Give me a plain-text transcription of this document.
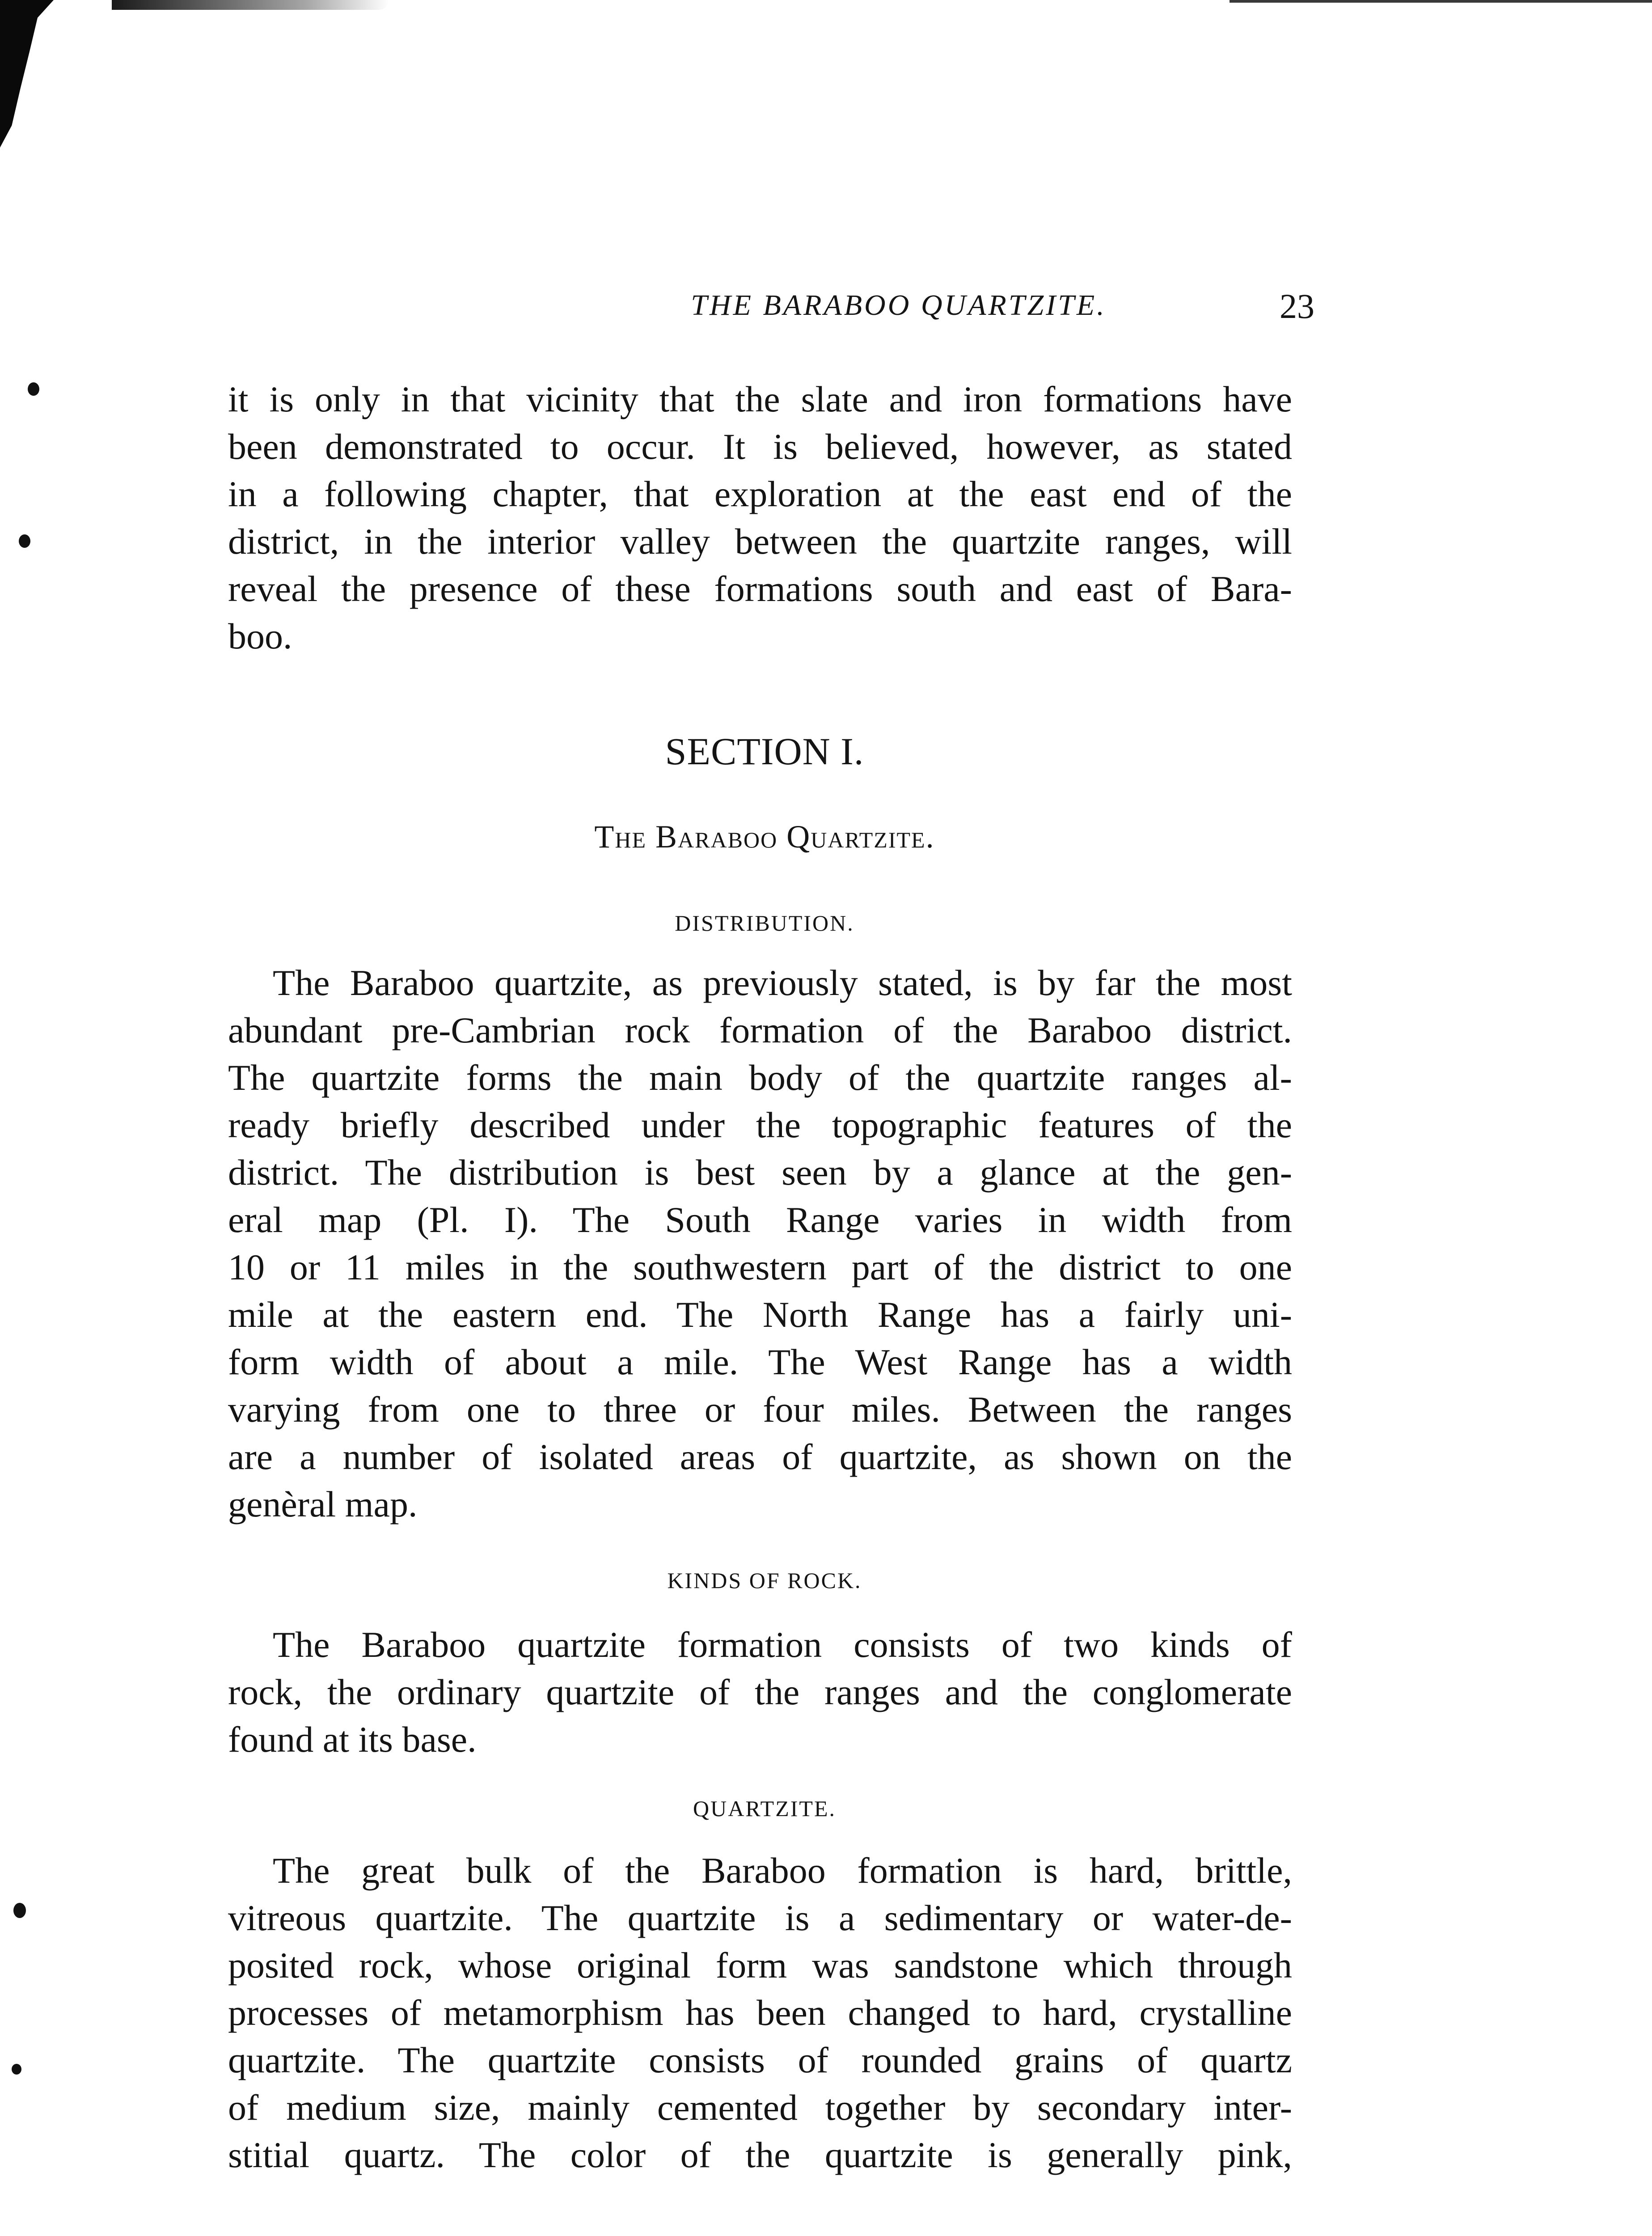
THE BARABOO QUARTZITE.	23
it is only in that vicinity that the slate and iron formations have
been demonstrated to occur. It is believed, however, as stated
in a following chapter, that exploration at the east end of the
district, in the interior valley between the quartzite ranges, will
reveal the presence of these formations south and east of Bara-
boo.
SECTION I.
The Baraboo Quartzite.
DISTRIBUTION.
The Baraboo quartzite, as previously stated, is by far the most
abundant pre-Cambrian rock formation of the Baraboo district.
The quartzite forms the main body of the quartzite ranges al-
ready briefly described under the topographic features of the
district. The distribution is best seen by a glance at the gen-
eral map (Pl. I). The South Range varies in width from
10 or 11 miles in the southwestern part of the district to one
mile at the eastern end. The North Range has a fairly uni-
form width of about a mile. The West Range has a width
varying from one to three or four miles. Between the ranges
are a number of isolated areas of quartzite, as shown on the
genèral map.
KINDS OF ROCK.
The Baraboo quartzite formation consists of two kinds of
rock, the ordinary quartzite of the ranges and the conglomerate
found at its base.
QUARTZITE.
The great bulk of the Baraboo formation is hard, brittle,
vitreous quartzite. The quartzite is a sedimentary or water-de-
posited rock, whose original form was sandstone which through
processes of metamorphism has been changed to hard, crystalline
quartzite. The quartzite consists of rounded grains of quartz
of medium size, mainly cemented together by secondary inter-
stitial quartz. The color of the quartzite is generally pink,
